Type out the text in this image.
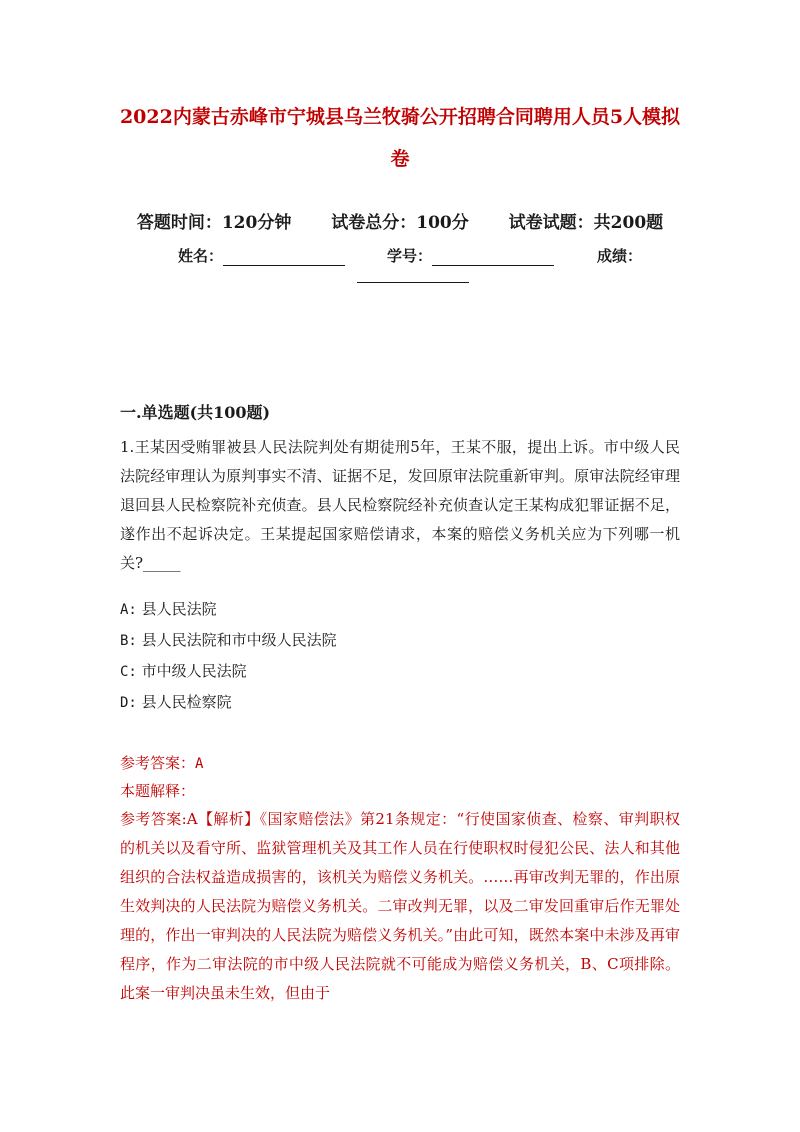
2022内蒙古赤峰市宁城县乌兰牧骑公开招聘合同聘用人员5人模拟
卷
答题时间：120分钟 试卷总分：100分 试卷试题：共200题
姓名：	学号：	成绩：
一.单选题(共100题)
1.王某因受贿罪被县人民法院判处有期徒刑5年，王某不服，提出上诉。市中级人民法院经审理认为原判事实不清、证据不足，发回原审法院重新审判。原审法院经审理退回县人民检察院补充侦查。县人民检察院经补充侦查认定王某构成犯罪证据不足，遂作出不起诉决定。王某提起国家赔偿请求，本案的赔偿义务机关应为下列哪一机关?_____
A: 县人民法院
B: 县人民法院和市中级人民法院
C: 市中级人民法院
D: 县人民检察院
参考答案：A
本题解释：
参考答案:A【解析】《国家赔偿法》第21条规定：“行使国家侦查、检察、审判职权的机关以及看守所、监狱管理机关及其工作人员在行使职权时侵犯公民、法人和其他组织的合法权益造成损害的，该机关为赔偿义务机关。……再审改判无罪的，作出原生效判决的人民法院为赔偿义务机关。二审改判无罪，以及二审发回重审后作无罪处理的，作出一审判决的人民法院为赔偿义务机关。”由此可知，既然本案中未涉及再审程序，作为二审法院的市中级人民法院就不可能成为赔偿义务机关，B、C项排除。此案一审判决虽未生效，但由于
